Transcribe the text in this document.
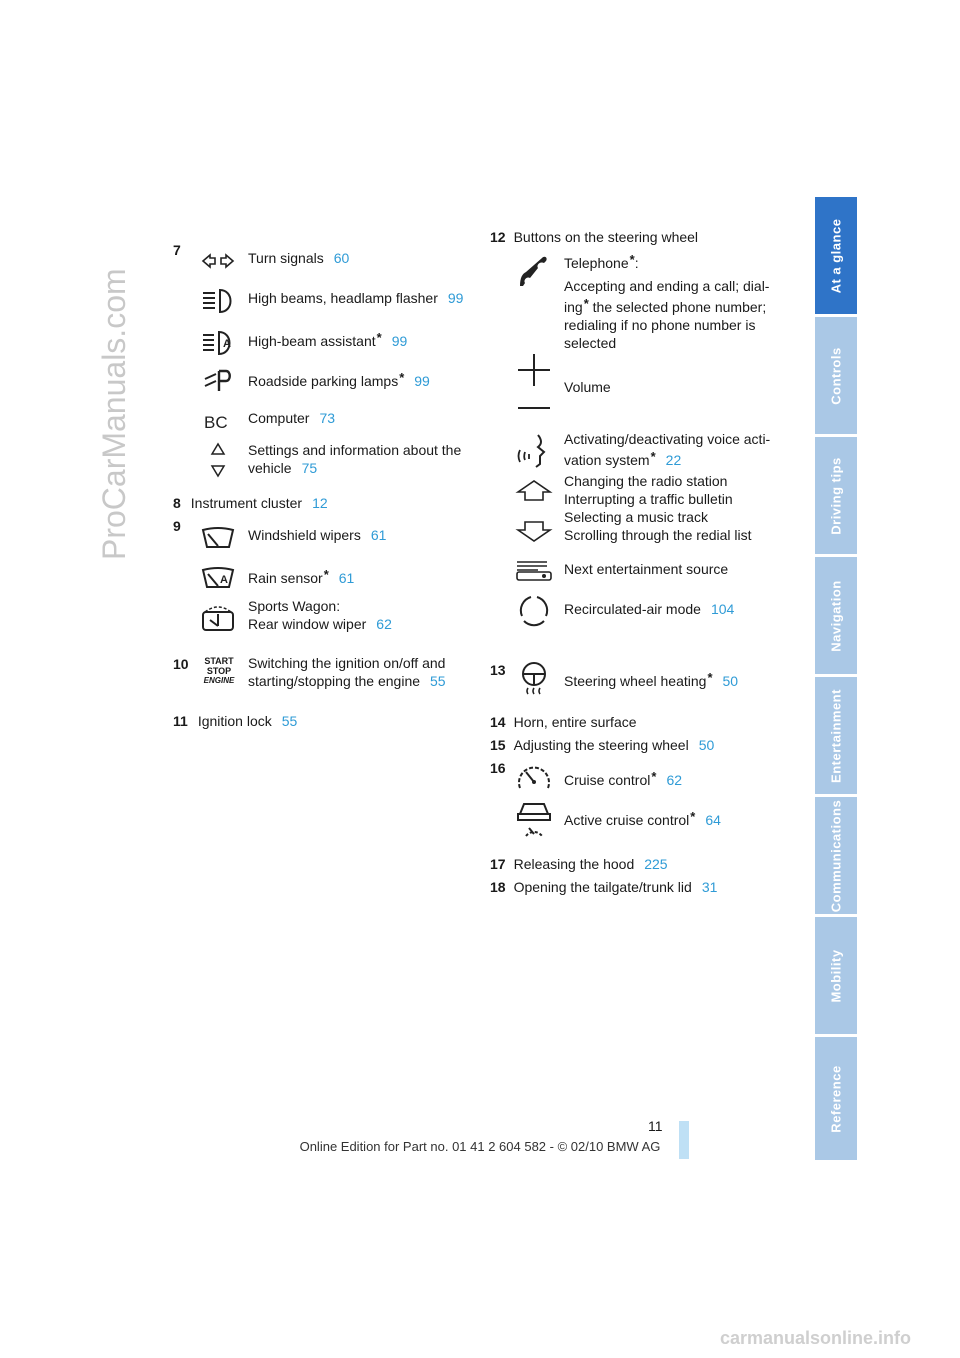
ProCarManuals.com
At a glance
Controls
Driving tips
Navigation
Entertainment
Communications
Mobility
Reference
7	Turn signals 60
High beams, headlamp flasher 99
A High-beam assistant* 99
Roadside parking lamps* 99
BC Computer 73
Settings and information about the
vehicle 75
8 Instrument cluster 12
9
Windshield wipers 61
A Rain sensor* 61
Sports Wagon:
Rear window wiper 62
10	START
STOP
ENGINE
Switching the ignition on/off and
starting/stopping the engine 55
11 Ignition lock 55
12 Buttons on the steering wheel
Telephone*:
Accepting and ending a call; dial-
ing* the selected phone number;
redialing if no phone number is
selected
Volume
Activating/deactivating voice acti-
vation system* 22
Changing the radio station
Interrupting a traffic bulletin
Selecting a music track
Scrolling through the redial list
Next entertainment source
Recirculated-air mode 104
13
Steering wheel heating* 50
14 Horn, entire surface
15 Adjusting the steering wheel 50
16
Cruise control* 62
Active cruise control* 64
17 Releasing the hood 225
18 Opening the tailgate/trunk lid 31
11
Online Edition for Part no. 01 41 2 604 582 - © 02/10 BMW AG
carmanualsonline.info
